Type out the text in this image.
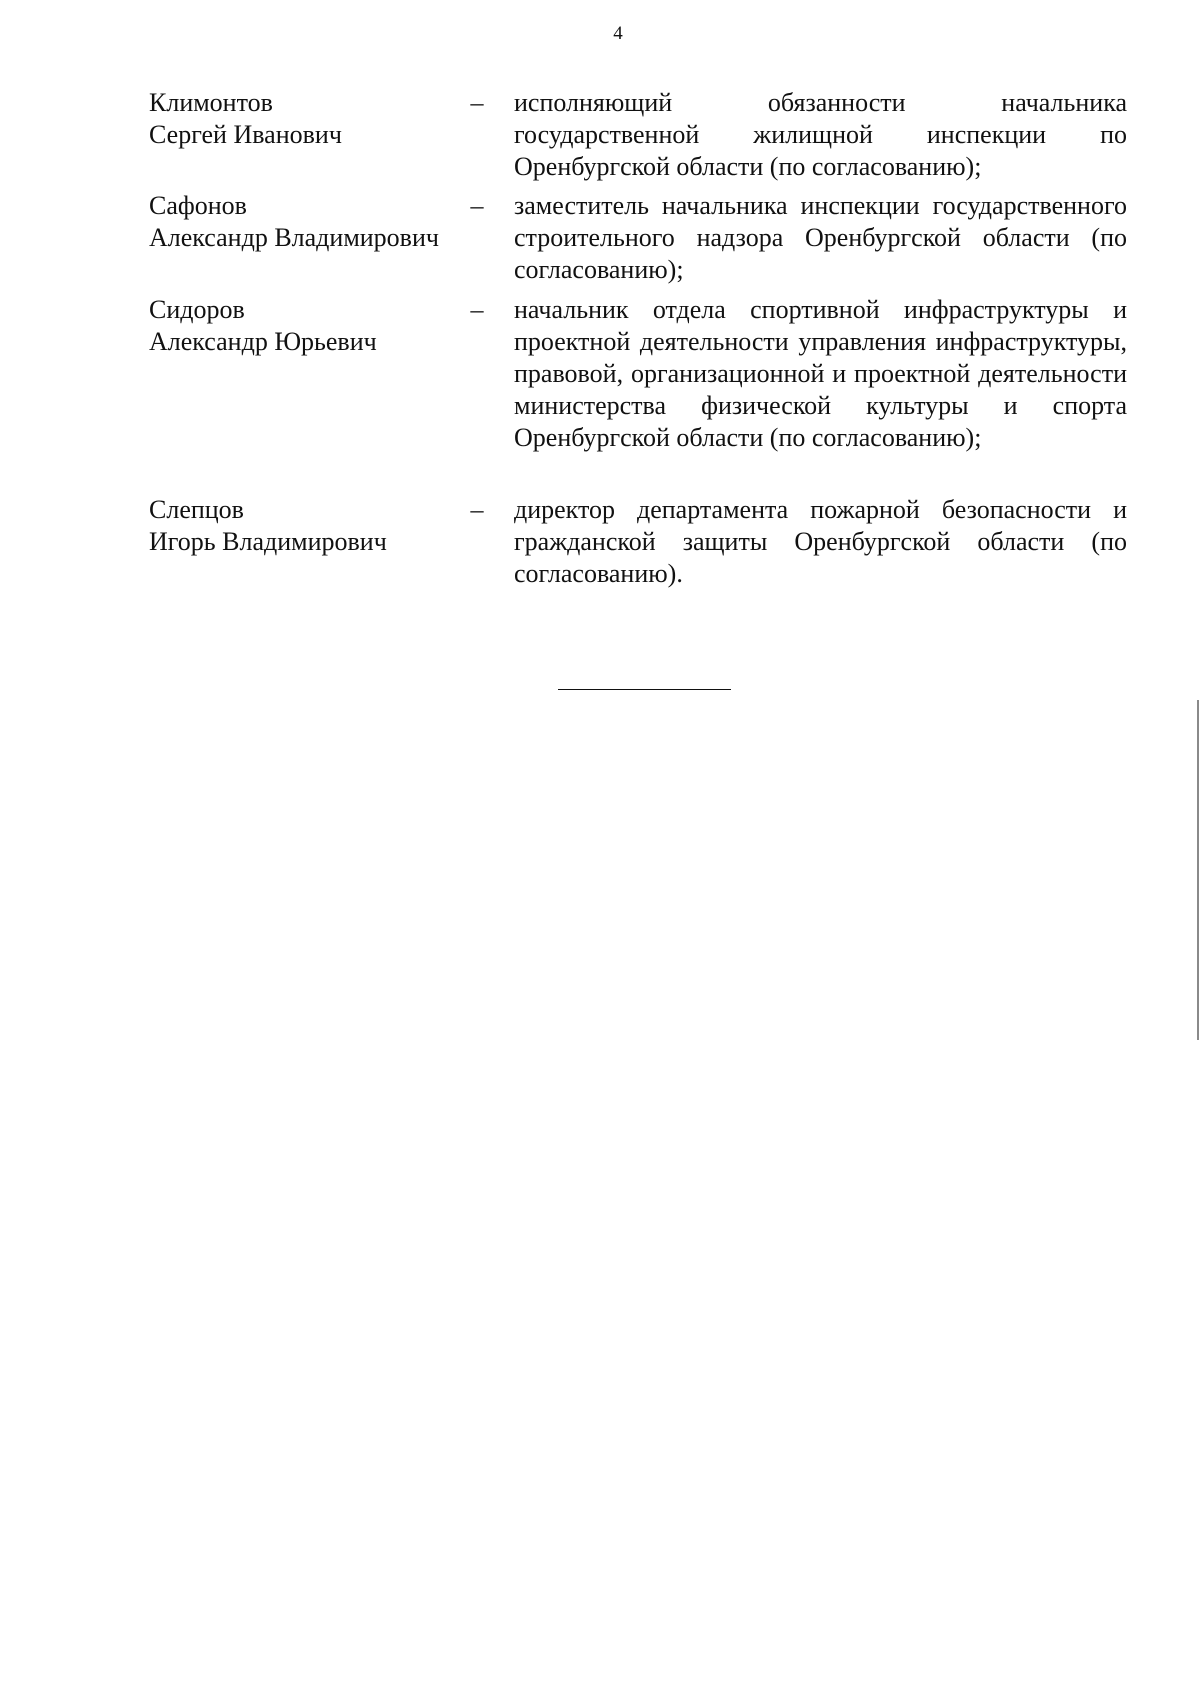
4
Климонтов
Сергей Иванович
– исполняющий обязанности начальника государственной жилищной инспекции по Оренбургской области (по согласованию);
Сафонов
Александр Владимирович
– заместитель начальника инспекции государственного строительного надзора Оренбургской области (по согласованию);
Сидоров
Александр Юрьевич
– начальник отдела спортивной инфраструктуры и проектной деятельности управления инфраструктуры, правовой, организационной и проектной деятельности министерства физической культуры и спорта Оренбургской области (по согласованию);
Слепцов
Игорь Владимирович
– директор департамента пожарной безопасности и гражданской защиты Оренбургской области (по согласованию).
